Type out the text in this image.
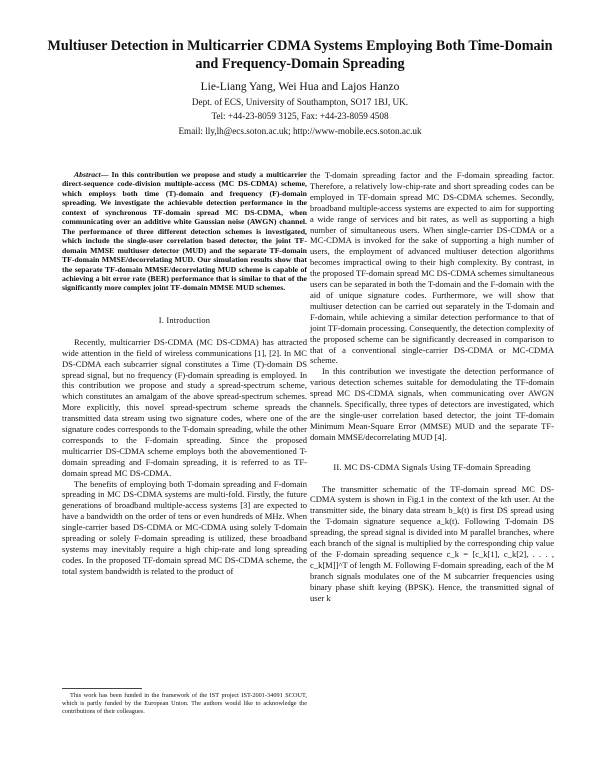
Multiuser Detection in Multicarrier CDMA Systems Employing Both Time-Domain and Frequency-Domain Spreading
Lie-Liang Yang, Wei Hua and Lajos Hanzo
Dept. of ECS, University of Southampton, SO17 1BJ, UK.
Tel: +44-23-8059 3125, Fax: +44-23-8059 4508
Email: lly,lh@ecs.soton.ac.uk; http://www-mobile.ecs.soton.ac.uk

Abstract— In this contribution we propose and study a multicarrier direct-sequence code-division multiple-access (MC DS-CDMA) scheme, which employs both time (T)-domain and frequency (F)-domain spreading. We investigate the achievable detection performance in the context of synchronous TF-domain spread MC DS-CDMA, when communicating over an additive white Gaussian noise (AWGN) channel. The performance of three different detection schemes is investigated, which include the single-user correlation based detector, the joint TF-domain MMSE multiuser detector (MUD) and the separate TF-domain TF-domain MMSE/decorrelating MUD. Our simulation results show that the separate TF-domain MMSE/decorrelating MUD scheme is capable of achieving a bit error rate (BER) performance that is similar to that of the significantly more complex joint TF-domain MMSE MUD schemes.

I. Introduction

Recently, multicarrier DS-CDMA (MC DS-CDMA) has attracted wide attention in the field of wireless communications [1], [2]. In MC DS-CDMA each subcarrier signal constitutes a Time (T)-domain DS spread signal, but no frequency (F)-domain spreading is employed. In this contribution we propose and study a spread-spectrum scheme, which constitutes an amalgam of the above spread-spectrum schemes. More explicitly, this novel spread-spectrum scheme spreads the transmitted data stream using two signature codes, where one of the signature codes corresponds to the T-domain spreading, while the other corresponds to the F-domain spreading. Since the proposed multicarrier DS-CDMA scheme employs both the abovementioned T-domain spreading and F-domain spreading, it is referred to as TF-domain spread MC DS-CDMA.

The benefits of employing both T-domain spreading and F-domain spreading in MC DS-CDMA systems are multi-fold. Firstly, the future generations of broadband multiple-access systems [3] are expected to have a bandwidth on the order of tens or even hundreds of MHz. When single-carrier based DS-CDMA or MC-CDMA using solely T-domain spreading or solely F-domain spreading is utilized, these broadband systems may inevitably require a high chip-rate and long spreading codes. In the proposed TF-domain spread MC DS-CDMA scheme, the total system bandwidth is related to the product of

the T-domain spreading factor and the F-domain spreading factor. Therefore, a relatively low-chip-rate and short spreading codes can be employed in TF-domain spread MC DS-CDMA schemes. Secondly, broadband multiple-access systems are expected to aim for supporting a wide range of services and bit rates, as well as supporting a high number of simultaneous users. When single-carrier DS-CDMA or a MC-CDMA is invoked for the sake of supporting a high number of users, the employment of advanced multiuser detection algorithms becomes impractical owing to their high complexity. By contrast, in the proposed TF-domain spread MC DS-CDMA schemes simultaneous users can be separated in both the T-domain and the F-domain with the aid of unique signature codes. Furthermore, we will show that multiuser detection can be carried out separately in the T-domain and F-domain, while achieving a similar detection performance to that of joint TF-domain processing. Consequently, the detection complexity of the proposed scheme can be significantly decreased in comparison to that of a conventional single-carrier DS-CDMA or MC-CDMA scheme.

In this contribution we investigate the detection performance of various detection schemes suitable for demodulating the TF-domain spread MC DS-CDMA signals, when communicating over AWGN channels. Specifically, three types of detectors are investigated, which are the single-user correlation based detector, the joint TF-domain Minimum Mean-Square Error (MMSE) MUD and the separate TF-domain MMSE/decorrelating MUD [4].

II. MC DS-CDMA Signals Using TF-domain Spreading

The transmitter schematic of the TF-domain spread MC DS-CDMA system is shown in Fig.1 in the context of the kth user. At the transmitter side, the binary data stream b_k(t) is first DS spread using the T-domain signature sequence a_k(t). Following T-domain DS spreading, the spread signal is divided into M parallel branches, where each branch of the signal is multiplied by the corresponding chip value of the F-domain spreading sequence c_k = [c_k[1], c_k[2], . . . , c_k[M]]^T of length M. Following F-domain spreading, each of the M branch signals modulates one of the M subcarrier frequencies using binary phase shift keying (BPSK). Hence, the transmitted signal of user k

This work has been funded in the framework of the IST project IST-2001-34091 SCOUT, which is partly funded by the European Union. The authors would like to acknowledge the contributions of their colleagues.
